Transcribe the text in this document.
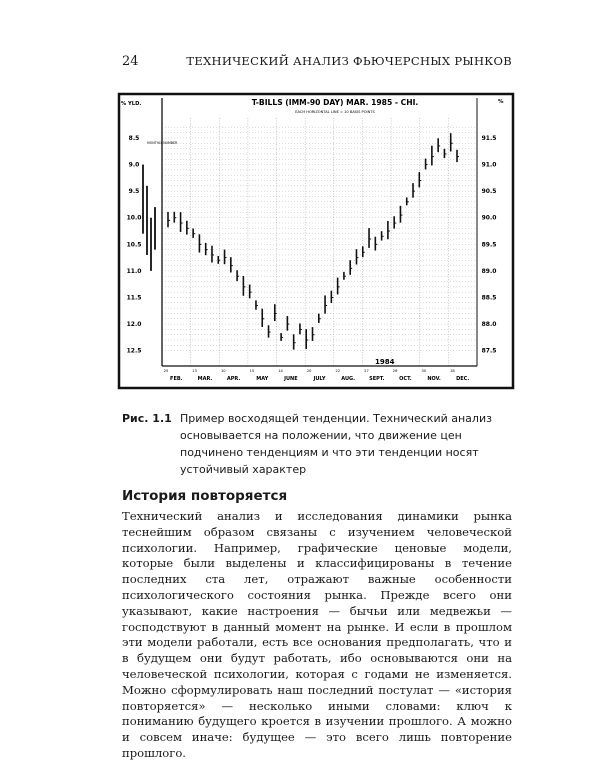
24	ТЕХНИЧЕСКИЙ АНАЛИЗ ФЬЮЧЕРСНЫХ РЫНКОВ
T-BILLS (IMM-90 DAY) MAR. 1985 - CHI.
EACH HORIZONTAL LINE = 10 BASIS POINTS
MONTHLY NUMBER
% YLD.	%
1984
8.5
9.0
9.5
10.0
10.5
11.0
11.5
12.0
12.5
91.5
91.0
90.5
90.0
89.5
89.0
88.5
88.0
87.5
FEB.	MAR.	APR.	MAY	JUNE	JULY	AUG.	SEPT.	OCT.	NOV.	DEC.
25	13	10	15	14	20	22	27	26	30	18
Рис. 1.1 Пример восходящей тенденции. Технический анализ основывается на положении, что движение цен подчинено тенденциям и что эти тенденции носят устойчивый характер
История повторяется
Технический анализ и исследования динамики рынка теснейшим образом связаны с изучением человеческой психологии. Например, графические ценовые модели, которые были выделены и классифицированы в течение последних ста лет, отражают важные особенности психологического состояния рынка. Прежде всего они указывают, какие настроения — бычьи или медвежьи — господствуют в данный момент на рынке. И если в прошлом эти модели работали, есть все основания предполагать, что и в будущем они будут работать, ибо основываются они на человеческой психологии, которая с годами не изменяется. Можно сформулировать наш последний постулат — «история повторяется» — несколько иными словами: ключ к пониманию будущего кроется в изучении прошлого. А можно и совсем иначе: будущее — это всего лишь повторение прошлого.
